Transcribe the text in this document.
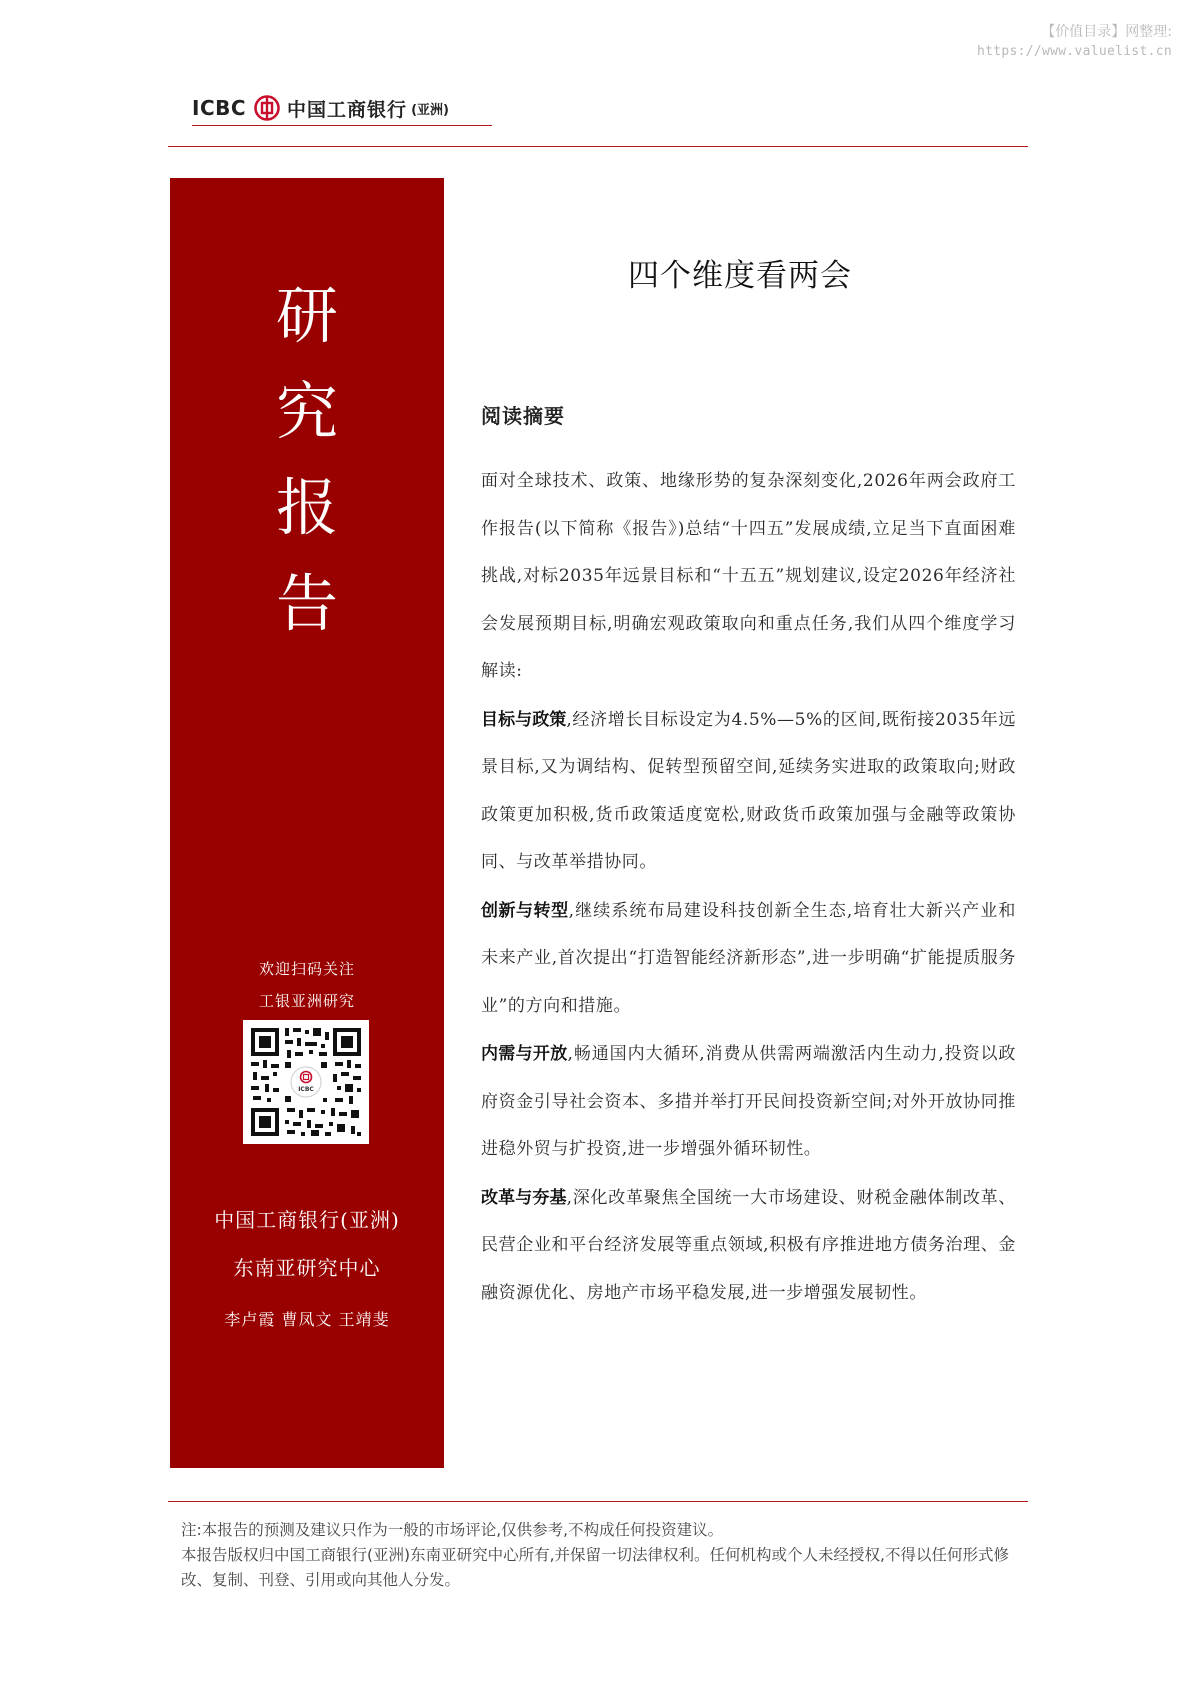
【价值目录】网整理:
https://www.valuelist.cn
ICBC 中国工商银行 (亚洲)
研
究
报
告
欢迎扫码关注
工银亚洲研究
ICBC
中国工商银行(亚洲)
东南亚研究中心
李卢霞 曹凤文 王靖斐
四个维度看两会
阅读摘要

面对全球技术、政策、地缘形势的复杂深刻变化,2026年两会政府工作报告(以下简称《报告》)总结“十四五”发展成绩,立足当下直面困难挑战,对标2035年远景目标和“十五五”规划建议,设定2026年经济社会发展预期目标,明确宏观政策取向和重点任务,我们从四个维度学习解读:

目标与政策,经济增长目标设定为4.5%—5%的区间,既衔接2035年远景目标,又为调结构、促转型预留空间,延续务实进取的政策取向;财政政策更加积极,货币政策适度宽松,财政货币政策加强与金融等政策协同、与改革举措协同。

创新与转型,继续系统布局建设科技创新全生态,培育壮大新兴产业和未来产业,首次提出“打造智能经济新形态”,进一步明确“扩能提质服务业”的方向和措施。

内需与开放,畅通国内大循环,消费从供需两端激活内生动力,投资以政府资金引导社会资本、多措并举打开民间投资新空间;对外开放协同推进稳外贸与扩投资,进一步增强外循环韧性。

改革与夯基,深化改革聚焦全国统一大市场建设、财税金融体制改革、民营企业和平台经济发展等重点领域,积极有序推进地方债务治理、金融资源优化、房地产市场平稳发展,进一步增强发展韧性。

注:本报告的预测及建议只作为一般的市场评论,仅供参考,不构成任何投资建议。

本报告版权归中国工商银行(亚洲)东南亚研究中心所有,并保留一切法律权利。任何机构或个人未经授权,不得以任何形式修改、复制、刊登、引用或向其他人分发。
